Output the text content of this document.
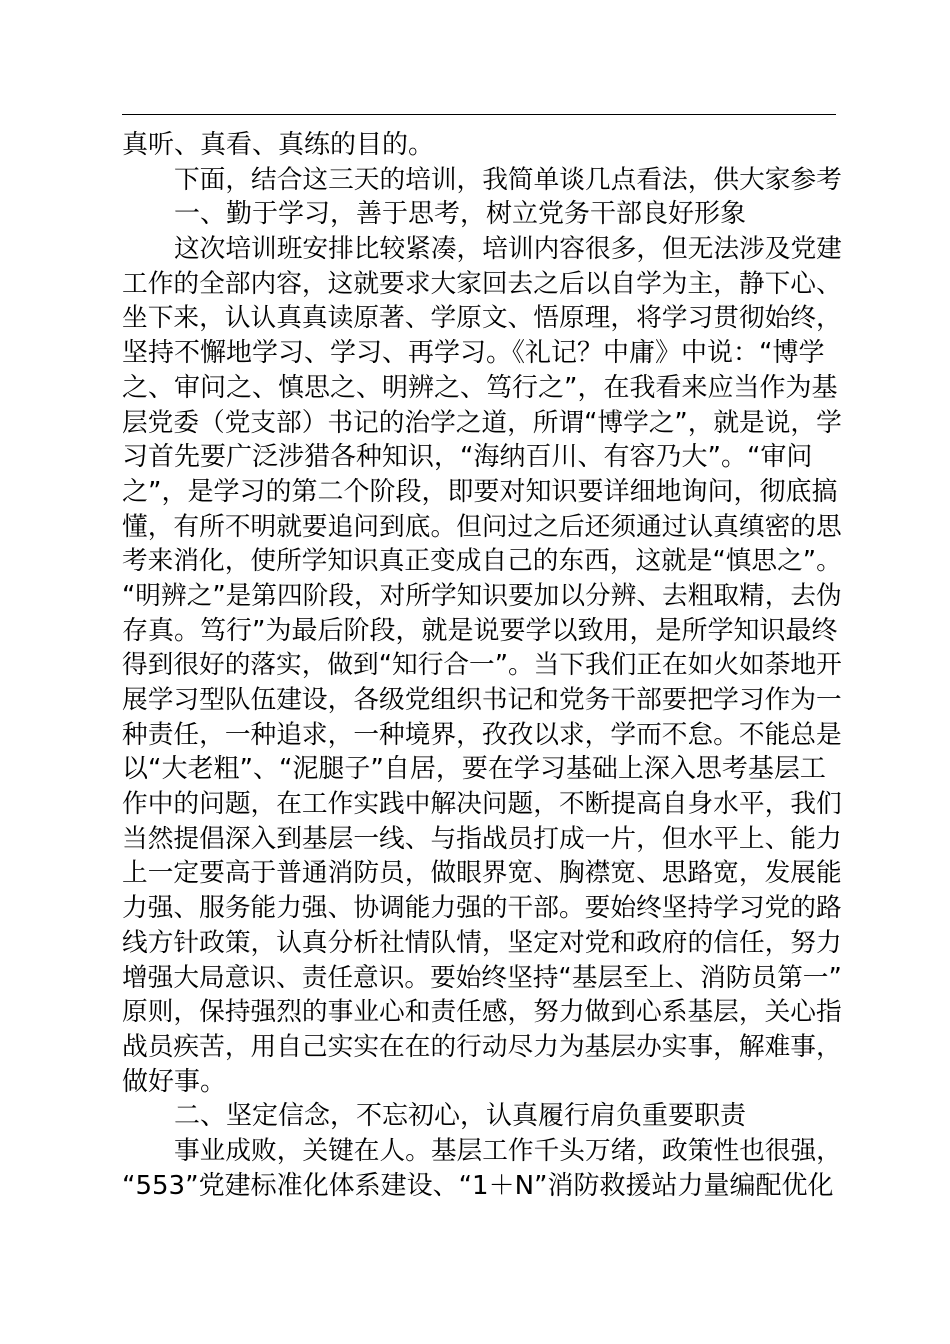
真听、真看、真练的目的。
下面，结合这三天的培训，我简单谈几点看法，供大家参考
一、勤于学习，善于思考，树立党务干部良好形象
这次培训班安排比较紧凑，培训内容很多，但无法涉及党建
工作的全部内容，这就要求大家回去之后以自学为主，静下心、
坐下来，认认真真读原著、学原文、悟原理，将学习贯彻始终，
坚持不懈地学习、学习、再学习。《礼记？中庸》中说：“博学
之、审问之、慎思之、明辨之、笃行之”，在我看来应当作为基
层党委（党支部）书记的治学之道，所谓“博学之”，就是说，学
习首先要广泛涉猎各种知识，“海纳百川、有容乃大”。“审问
之”，是学习的第二个阶段，即要对知识要详细地询问，彻底搞
懂，有所不明就要追问到底。但问过之后还须通过认真缜密的思
考来消化，使所学知识真正变成自己的东西，这就是“慎思之”。
“明辨之”是第四阶段，对所学知识要加以分辨、去粗取精，去伪
存真。笃行”为最后阶段，就是说要学以致用，是所学知识最终
得到很好的落实，做到“知行合一”。当下我们正在如火如荼地开
展学习型队伍建设，各级党组织书记和党务干部要把学习作为一
种责任，一种追求，一种境界，孜孜以求，学而不怠。不能总是
以“大老粗”、“泥腿子”自居，要在学习基础上深入思考基层工
作中的问题，在工作实践中解决问题，不断提高自身水平，我们
当然提倡深入到基层一线、与指战员打成一片，但水平上、能力
上一定要高于普通消防员，做眼界宽、胸襟宽、思路宽，发展能
力强、服务能力强、协调能力强的干部。要始终坚持学习党的路
线方针政策，认真分析社情队情，坚定对党和政府的信任，努力
增强大局意识、责任意识。要始终坚持“基层至上、消防员第一”
原则，保持强烈的事业心和责任感，努力做到心系基层，关心指
战员疾苦，用自己实实在在的行动尽力为基层办实事，解难事，
做好事。
二、坚定信念，不忘初心，认真履行肩负重要职责
事业成败，关键在人。基层工作千头万绪，政策性也很强，
“553”党建标准化体系建设、“1＋N”消防救援站力量编配优化
